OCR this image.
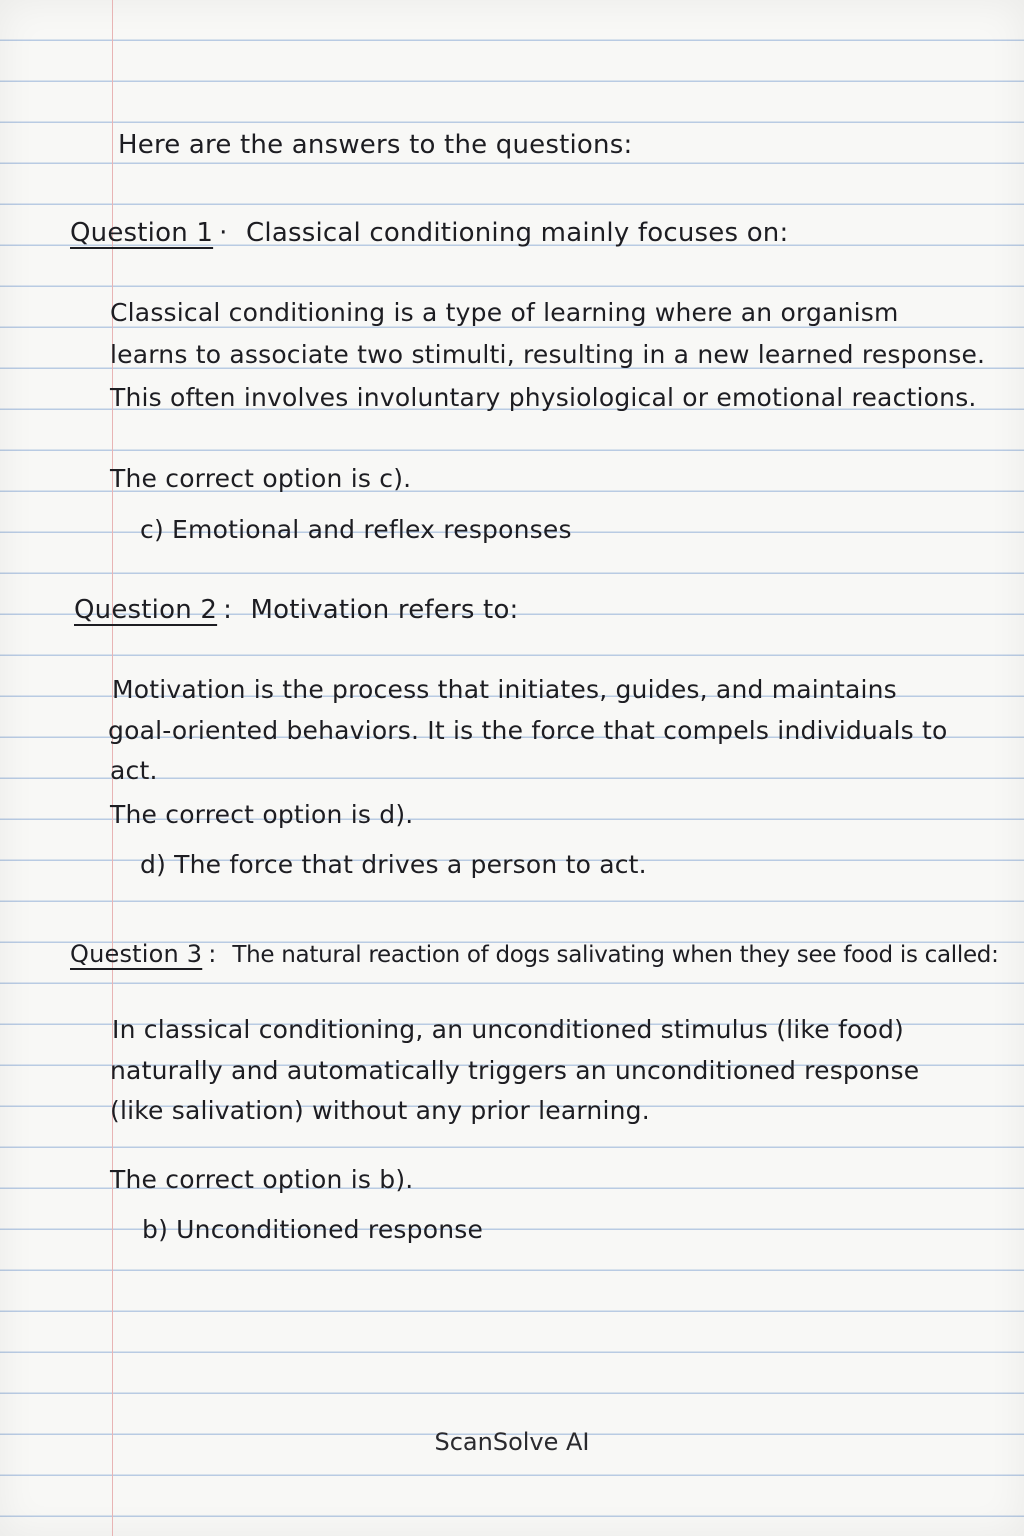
Here are the answers to the questions:
Question 1 · Classical conditioning mainly focuses on:
Classical conditioning is a type of learning where an organism
learns to associate two stimulti, resulting in a new learned response.
This often involves involuntary physiological or emotional reactions.
The correct option is c).
c) Emotional and reflex responses
Question 2 : Motivation refers to:
Motivation is the process that initiates, guides, and maintains
goal-oriented behaviors. It is the force that compels individuals to
act.
The correct option is d).
d) The force that drives a person to act.
Question 3 : The natural reaction of dogs salivating when they see food is called:
In classical conditioning, an unconditioned stimulus (like food)
naturally and automatically triggers an unconditioned response
(like salivation) without any prior learning.
The correct option is b).
b) Unconditioned response
ScanSolve AI
